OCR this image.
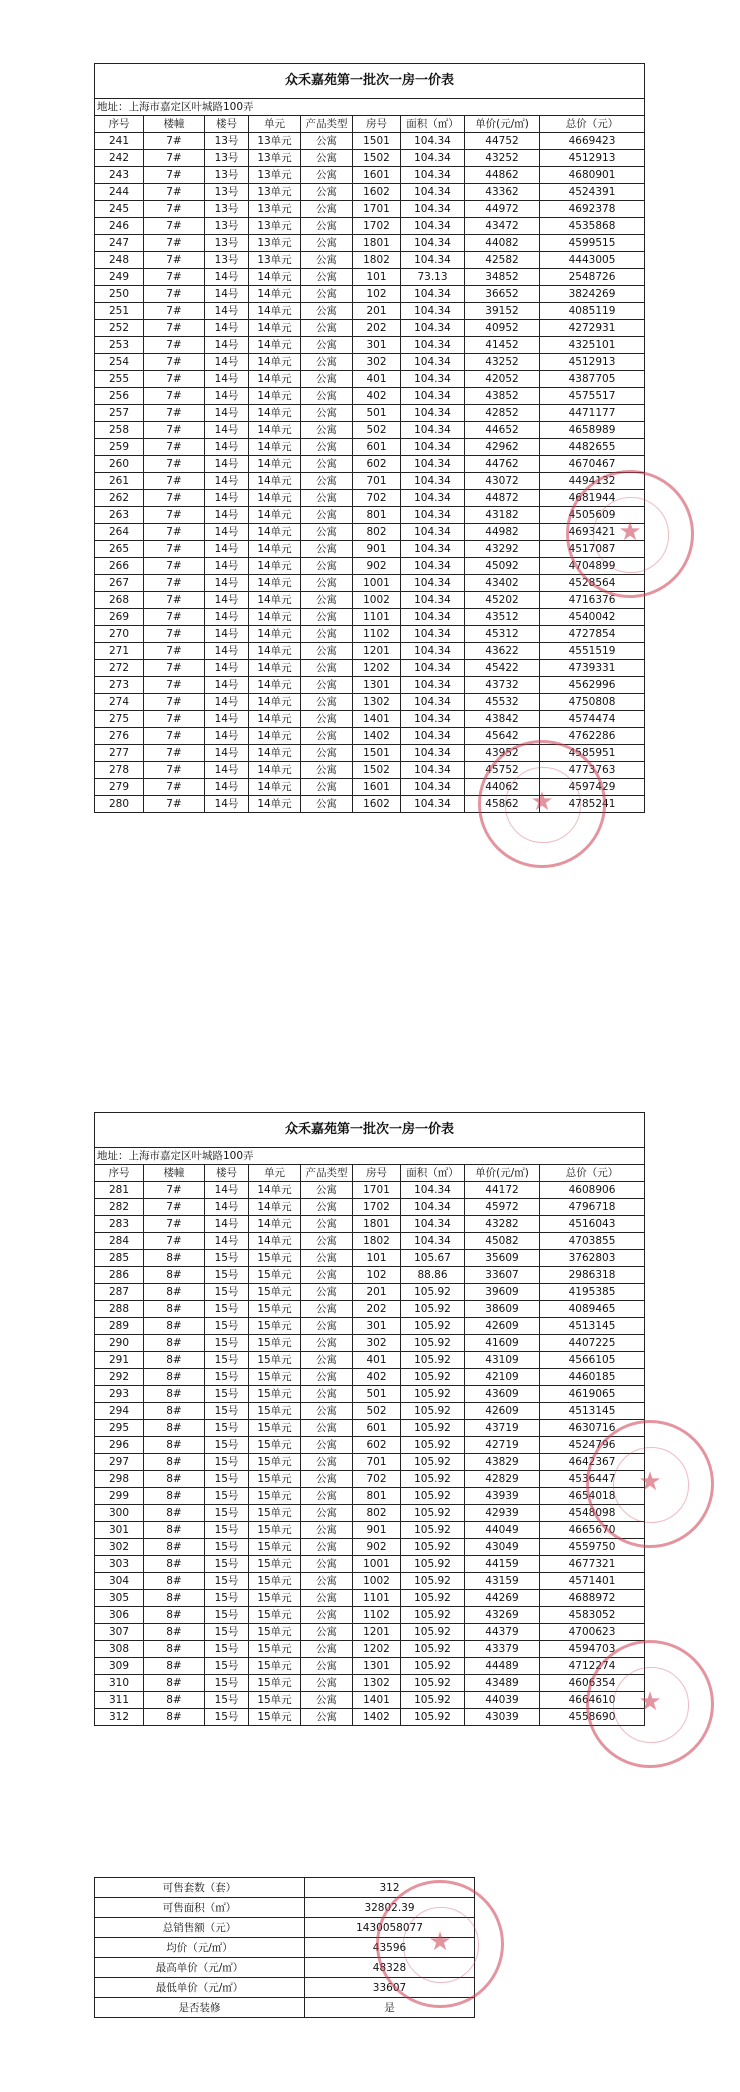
众禾嘉苑第一批次一房一价表								
地址：上海市嘉定区叶城路100弄								
序号	楼幢	楼号	单元	产品类型	房号	面积（㎡）	单价(元/㎡)	总价（元）
241	7#	13号	13单元	公寓	1501	104.34	44752	4669423
242	7#	13号	13单元	公寓	1502	104.34	43252	4512913
243	7#	13号	13单元	公寓	1601	104.34	44862	4680901
244	7#	13号	13单元	公寓	1602	104.34	43362	4524391
245	7#	13号	13单元	公寓	1701	104.34	44972	4692378
246	7#	13号	13单元	公寓	1702	104.34	43472	4535868
247	7#	13号	13单元	公寓	1801	104.34	44082	4599515
248	7#	13号	13单元	公寓	1802	104.34	42582	4443005
249	7#	14号	14单元	公寓	101	73.13	34852	2548726
250	7#	14号	14单元	公寓	102	104.34	36652	3824269
251	7#	14号	14单元	公寓	201	104.34	39152	4085119
252	7#	14号	14单元	公寓	202	104.34	40952	4272931
253	7#	14号	14单元	公寓	301	104.34	41452	4325101
254	7#	14号	14单元	公寓	302	104.34	43252	4512913
255	7#	14号	14单元	公寓	401	104.34	42052	4387705
256	7#	14号	14单元	公寓	402	104.34	43852	4575517
257	7#	14号	14单元	公寓	501	104.34	42852	4471177
258	7#	14号	14单元	公寓	502	104.34	44652	4658989
259	7#	14号	14单元	公寓	601	104.34	42962	4482655
260	7#	14号	14单元	公寓	602	104.34	44762	4670467
261	7#	14号	14单元	公寓	701	104.34	43072	4494132
262	7#	14号	14单元	公寓	702	104.34	44872	4681944
263	7#	14号	14单元	公寓	801	104.34	43182	4505609
264	7#	14号	14单元	公寓	802	104.34	44982	4693421
265	7#	14号	14单元	公寓	901	104.34	43292	4517087
266	7#	14号	14单元	公寓	902	104.34	45092	4704899
267	7#	14号	14单元	公寓	1001	104.34	43402	4528564
268	7#	14号	14单元	公寓	1002	104.34	45202	4716376
269	7#	14号	14单元	公寓	1101	104.34	43512	4540042
270	7#	14号	14单元	公寓	1102	104.34	45312	4727854
271	7#	14号	14单元	公寓	1201	104.34	43622	4551519
272	7#	14号	14单元	公寓	1202	104.34	45422	4739331
273	7#	14号	14单元	公寓	1301	104.34	43732	4562996
274	7#	14号	14单元	公寓	1302	104.34	45532	4750808
275	7#	14号	14单元	公寓	1401	104.34	43842	4574474
276	7#	14号	14单元	公寓	1402	104.34	45642	4762286
277	7#	14号	14单元	公寓	1501	104.34	43952	4585951
278	7#	14号	14单元	公寓	1502	104.34	45752	4773763
279	7#	14号	14单元	公寓	1601	104.34	44062	4597429
280	7#	14号	14单元	公寓	1602	104.34	45862	4785241
众禾嘉苑第一批次一房一价表								
地址：上海市嘉定区叶城路100弄								
序号	楼幢	楼号	单元	产品类型	房号	面积（㎡）	单价(元/㎡)	总价（元）
281	7#	14号	14单元	公寓	1701	104.34	44172	4608906
282	7#	14号	14单元	公寓	1702	104.34	45972	4796718
283	7#	14号	14单元	公寓	1801	104.34	43282	4516043
284	7#	14号	14单元	公寓	1802	104.34	45082	4703855
285	8#	15号	15单元	公寓	101	105.67	35609	3762803
286	8#	15号	15单元	公寓	102	88.86	33607	2986318
287	8#	15号	15单元	公寓	201	105.92	39609	4195385
288	8#	15号	15单元	公寓	202	105.92	38609	4089465
289	8#	15号	15单元	公寓	301	105.92	42609	4513145
290	8#	15号	15单元	公寓	302	105.92	41609	4407225
291	8#	15号	15单元	公寓	401	105.92	43109	4566105
292	8#	15号	15单元	公寓	402	105.92	42109	4460185
293	8#	15号	15单元	公寓	501	105.92	43609	4619065
294	8#	15号	15单元	公寓	502	105.92	42609	4513145
295	8#	15号	15单元	公寓	601	105.92	43719	4630716
296	8#	15号	15单元	公寓	602	105.92	42719	4524796
297	8#	15号	15单元	公寓	701	105.92	43829	4642367
298	8#	15号	15单元	公寓	702	105.92	42829	4536447
299	8#	15号	15单元	公寓	801	105.92	43939	4654018
300	8#	15号	15单元	公寓	802	105.92	42939	4548098
301	8#	15号	15单元	公寓	901	105.92	44049	4665670
302	8#	15号	15单元	公寓	902	105.92	43049	4559750
303	8#	15号	15单元	公寓	1001	105.92	44159	4677321
304	8#	15号	15单元	公寓	1002	105.92	43159	4571401
305	8#	15号	15单元	公寓	1101	105.92	44269	4688972
306	8#	15号	15单元	公寓	1102	105.92	43269	4583052
307	8#	15号	15单元	公寓	1201	105.92	44379	4700623
308	8#	15号	15单元	公寓	1202	105.92	43379	4594703
309	8#	15号	15单元	公寓	1301	105.92	44489	4712274
310	8#	15号	15单元	公寓	1302	105.92	43489	4606354
311	8#	15号	15单元	公寓	1401	105.92	44039	4664610
312	8#	15号	15单元	公寓	1402	105.92	43039	4558690
可售套数（套）	312
可售面积（㎡）	32802.39
总销售额（元）	1430058077
均价（元/㎡）	43596
最高单价（元/㎡）	48328
最低单价（元/㎡）	33607
是否装修	是
★
★
★
★
★
